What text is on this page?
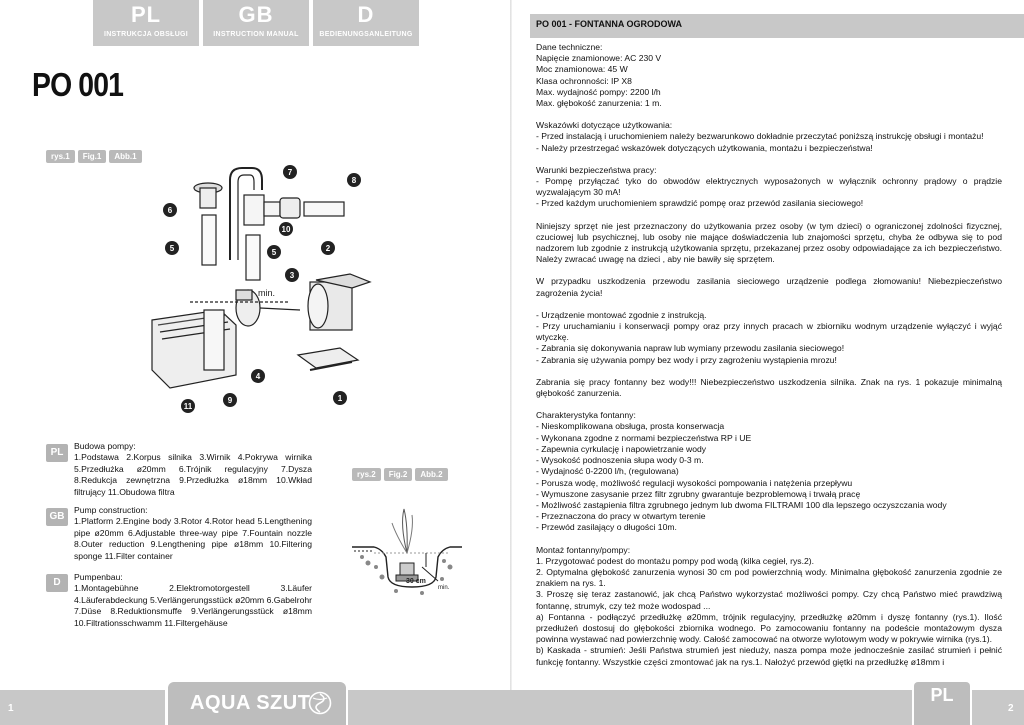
PL
INSTRUKCJA OBSŁUGI
GB
INSTRUCTION MANUAL
D
BEDIENUNGSANLEITUNG
PO 001
rys.1	Fig.1	Abb.1
min.
6
5
7
8
10
5	2
3
4
9
11
1
PL
Budowa pompy:
1.Podstawa 2.Korpus silnika 3.Wirnik 4.Pokrywa wirnika 5.Przedłużka ø20mm 6.Trójnik regulacyjny 7.Dysza 8.Redukcja zewnętrzna 9.Przedłużka ø18mm 10.Wkład filtrujący 11.Obudowa filtra
GB
Pump construction:
1.Platform 2.Engine body 3.Rotor 4.Rotor head 5.Lengthening pipe ø20mm 6.Adjustable three-way pipe 7.Fountain nozzle 8.Outer reduction 9.Lengthening pipe ø18mm 10.Filtering sponge 11.Filter container
D	Pumpenbau:
1.Montagebühne 2.Elektromotorgestell 3.Läufer 4.Läuferabdeckung 5.Verlängerungsstück ø20mm 6.Gabelrohr 7.Düse 8.Reduktionsmuffe 9.Verlängerungsstück ø18mm 10.Filtrationsschwamm 11.Filtergehäuse
rys.2	Fig.2	Abb.2
30 cm
min.
1	AQUA SZUT
PO 001 - FONTANNA OGRODOWA

Dane techniczne:

Napięcie znamionowe: AC 230 V

Moc znamionowa: 45 W

Klasa ochronności: IP X8

Max. wydajność pompy: 2200 l/h

Max. głębokość zanurzenia: 1 m.

Wskazówki dotyczące użytkowania:

- Przed instalacją i uruchomieniem należy bezwarunkowo dokładnie przeczytać poniższą instrukcję obsługi i montażu!

- Należy przestrzegać wskazówek dotyczących użytkowania, montażu i bezpieczeństwa!

Warunki bezpieczeństwa pracy:

- Pompę przyłączać tyko do obwodów elektrycznych wyposażonych w wyłącznik ochronny prądowy o prądzie wyzwalającym 30 mA!

- Przed każdym uruchomieniem sprawdzić pompę oraz przewód zasilania sieciowego!

Niniejszy sprzęt nie jest przeznaczony do użytkowania przez osoby (w tym dzieci) o ograniczonej zdolności fizycznej, czuciowej lub psychicznej, lub osoby nie mające doświadczenia lub znajomości sprzętu, chyba że odbywa się to pod nadzorem lub zgodnie z instrukcją użytkowania sprzętu, przekazanej przez osoby odpowiadające za ich bezpieczeństwo. Należy zwracać uwagę na dzieci , aby nie bawiły się sprzętem.

W przypadku uszkodzenia przewodu zasilania sieciowego urządzenie podlega złomowaniu! Niebezpieczeństwo zagrożenia życia!

- Urządzenie montować zgodnie z instrukcją.

- Przy uruchamianiu i konserwacji pompy oraz przy innych pracach w zbiorniku wodnym urządzenie wyłączyć i wyjąć wtyczkę.

- Zabrania się dokonywania napraw lub wymiany przewodu zasilania sieciowego!

- Zabrania się używania pompy bez wody i przy zagrożeniu wystąpienia mrozu!

Zabrania się pracy fontanny bez wody!!! Niebezpieczeństwo uszkodzenia silnika. Znak na rys. 1 pokazuje minimalną głębokość zanurzenia.

Charakterystyka fontanny:

- Nieskomplikowana obsługa, prosta konserwacja

- Wykonana zgodne z normami bezpieczeństwa RP i UE

- Zapewnia cyrkulację i napowietrzanie wody

- Wysokość podnoszenia słupa wody 0-3 m.

- Wydajność 0-2200 l/h, (regulowana)

- Porusza wodę, możliwość regulacji wysokości pompowania i natężenia przepływu

- Wymuszone zasysanie przez filtr zgrubny gwarantuje bezproblemową i trwałą pracę

- Możliwość zastąpienia filtra zgrubnego jednym lub dwoma FILTRAMI 100 dla lepszego oczyszczania wody

- Przeznaczona do pracy w otwartym terenie

- Przewód zasilający o długości 10m.

Montaż fontanny/pompy:

1. Przygotować podest do montażu pompy pod wodą (kilka cegieł, rys.2).

2. Optymalna głębokość zanurzenia wynosi 30 cm pod powierzchnią wody. Minimalna głębokość zanurzenia zgodnie ze znakiem na rys. 1.

3. Proszę się teraz zastanowić, jak chcą Państwo wykorzystać możliwości pompy. Czy chcą Państwo mieć prawdziwą fontannę, strumyk, czy też może wodospad ...

a) Fontanna - podłączyć przedłużkę ø20mm, trójnik regulacyjny, przedłużkę ø20mm i dyszę fontanny (rys.1). Ilość przedłużeń dostosuj do głębokości zbiornika wodnego. Po zamocowaniu fontanny na podeście montażowym dysza powinna wystawać nad powierzchnię wody. Całość zamocować na otworze wylotowym wody w pokrywie wirnika (rys.1).

b) Kaskada - strumień: Jeśli Państwa strumień jest nieduży, nasza pompa może jednocześnie zasilać strumień i pełnić funkcję fontanny. Wszystkie części zmontować jak na rys.1. Nałożyć przewód giętki na przedłużkę ø18mm i

PL
2
